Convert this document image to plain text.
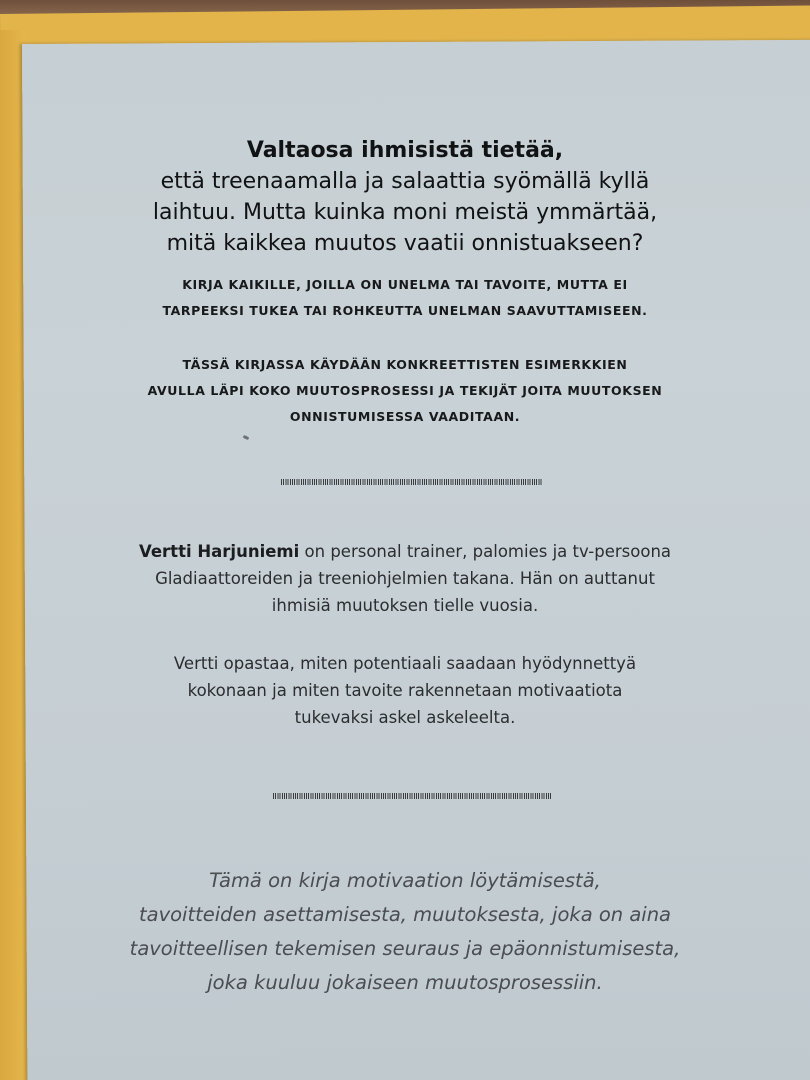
Valtaosa ihmisistä tietää,
että treenaamalla ja salaattia syömällä kyllä
laihtuu. Mutta kuinka moni meistä ymmärtää,
mitä kaikkea muutos vaatii onnistuakseen?
KIRJA KAIKILLE, JOILLA ON UNELMA TAI TAVOITE, MUTTA EI
TARPEEKSI TUKEA TAI ROHKEUTTA UNELMAN SAAVUTTAMISEEN.
TÄSSÄ KIRJASSA KÄYDÄÄN KONKREETTISTEN ESIMERKKIEN
AVULLA LÄPI KOKO MUUTOSPROSESSI JA TEKIJÄT JOITA MUUTOKSEN
ONNISTUMISESSA VAADITAAN.
Vertti Harjuniemi on personal trainer, palomies ja tv-persoona
Gladiaattoreiden ja treeniohjelmien takana. Hän on auttanut
ihmisiä muutoksen tielle vuosia.
Vertti opastaa, miten potentiaali saadaan hyödynnettyä
kokonaan ja miten tavoite rakennetaan motivaatiota
tukevaksi askel askeleelta.
Tämä on kirja motivaation löytämisestä,
tavoitteiden asettamisesta, muutoksesta, joka on aina
tavoitteellisen tekemisen seuraus ja epäonnistumisesta,
joka kuuluu jokaiseen muutosprosessiin.
